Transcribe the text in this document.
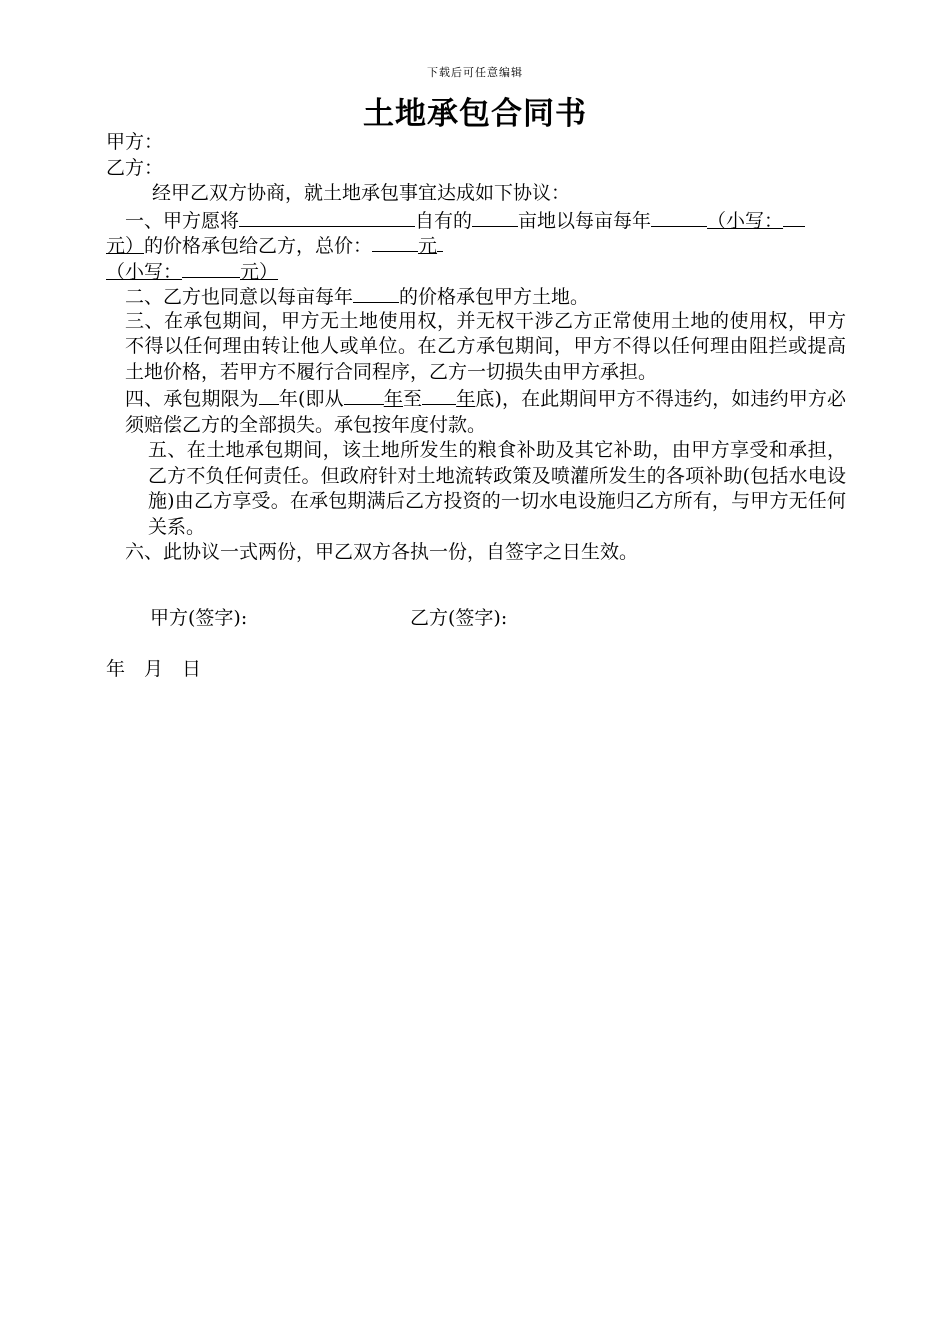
下载后可任意编辑
土地承包合同书
甲方：
乙方：
经甲乙双方协商，就土地承包事宜达成如下协议：
一、甲方愿将	自有的 亩地以每亩每年	（小写：
元）的价格承包给乙方，总价： 元
（小写：	元）
二、乙方也同意以每亩每年 的价格承包甲方土地。
三、在承包期间，甲方无土地使用权，并无权干涉乙方正常使用土地的使用权，甲方不得以任何理由转让他人或单位。在乙方承包期间，甲方不得以任何理由阻拦或提高土地价格，若甲方不履行合同程序，乙方一切损失由甲方承担。
四、承包期限为 年(即从 年至 年底)，在此期间甲方不得违约，如违约甲方必须赔偿乙方的全部损失。承包按年度付款。
五、在土地承包期间，该土地所发生的粮食补助及其它补助，由甲方享受和承担，乙方不负任何责任。但政府针对土地流转政策及喷灌所发生的各项补助(包括水电设施)由乙方享受。在承包期满后乙方投资的一切水电设施归乙方所有，与甲方无任何关系。
六、此协议一式两份，甲乙双方各执一份，自签字之日生效。
甲方(签字):	乙方(签字):
年 月 日
